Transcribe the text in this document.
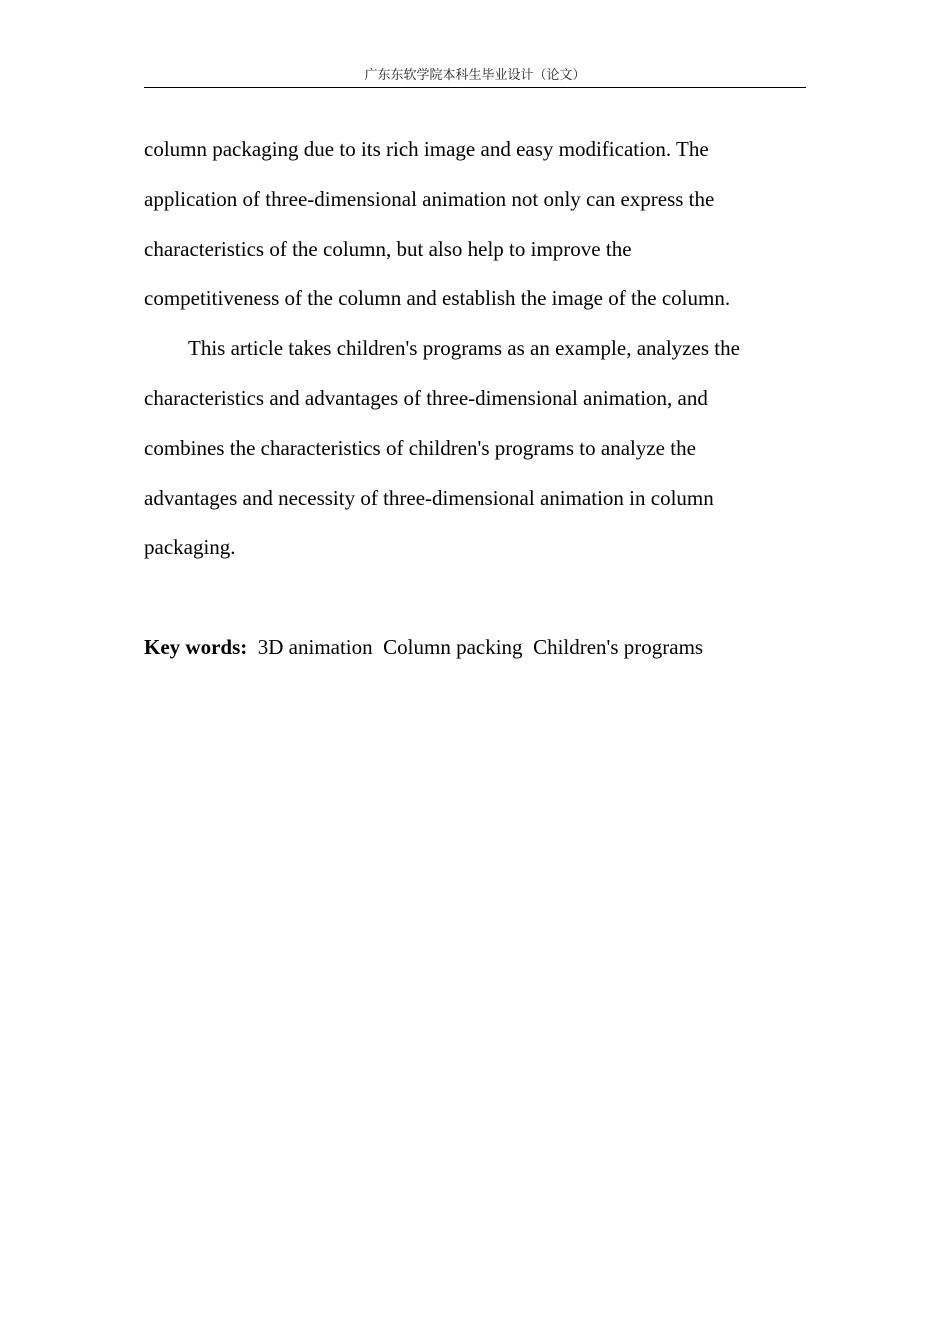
广东东软学院本科生毕业设计（论文）
column packaging due to its rich image and easy modification. The
application of three-dimensional animation not only can express the
characteristics of the column, but also help to improve the
competitiveness of the column and establish the image of the column.
This article takes children's programs as an example, analyzes the
characteristics and advantages of three-dimensional animation, and
combines the characteristics of children's programs to analyze the
advantages and necessity of three-dimensional animation in column
packaging.
Key words: 3D animation Column packing Children's programs
